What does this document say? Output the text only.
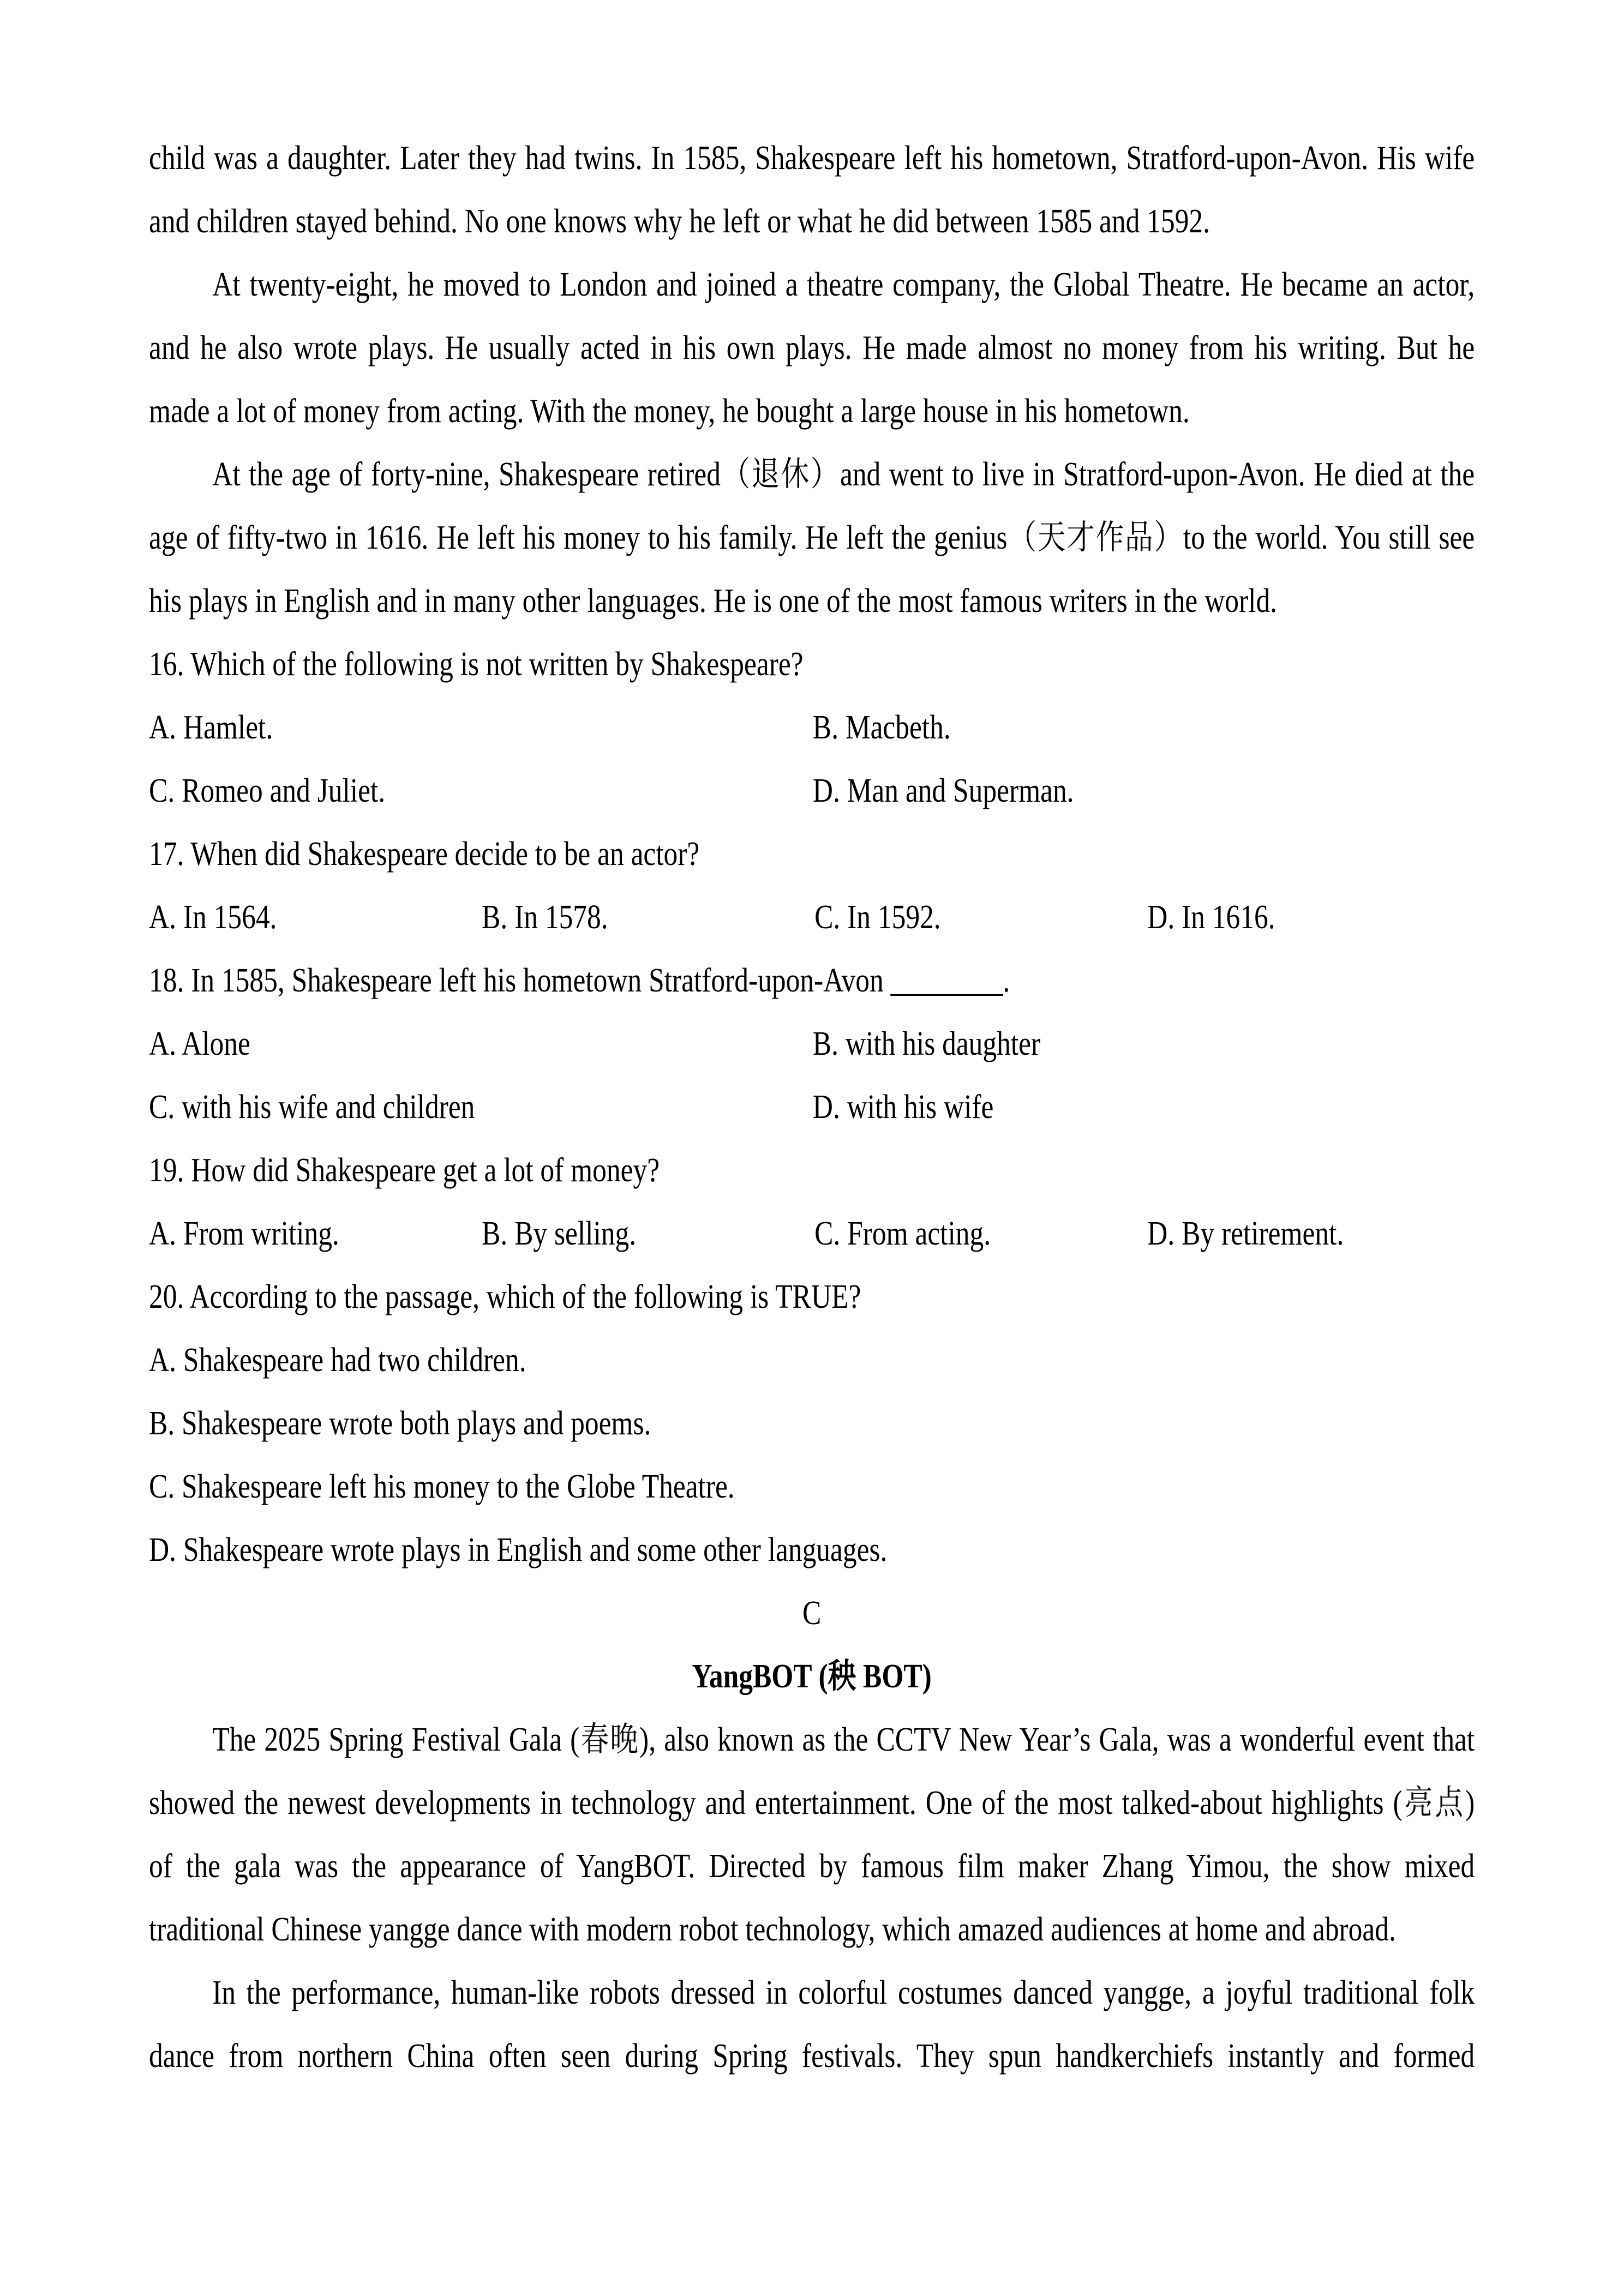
child was a daughter. Later they had twins. In 1585, Shakespeare left his hometown, Stratford-upon-Avon. His wife
and children stayed behind. No one knows why he left or what he did between 1585 and 1592.
At twenty-eight, he moved to London and joined a theatre company, the Global Theatre. He became an actor,
and he also wrote plays. He usually acted in his own plays. He made almost no money from his writing. But he
made a lot of money from acting. With the money, he bought a large house in his hometown.
At the age of forty-nine, Shakespeare retired（退休）and went to live in Stratford-upon-Avon. He died at the
age of fifty-two in 1616. He left his money to his family. He left the genius（天才作品）to the world. You still see
his plays in English and in many other languages. He is one of the most famous writers in the world.
16. Which of the following is not written by Shakespeare?
A. Hamlet.	B. Macbeth.
C. Romeo and Juliet.	D. Man and Superman.
17. When did Shakespeare decide to be an actor?
A. In 1564.	B. In 1578.	C. In 1592.	D. In 1616.
18. In 1585, Shakespeare left his hometown Stratford-upon-Avon ________.
A. Alone	B. with his daughter
C. with his wife and children	D. with his wife
19. How did Shakespeare get a lot of money?
A. From writing.	B. By selling.	C. From acting.	D. By retirement.
20. According to the passage, which of the following is TRUE?
A. Shakespeare had two children.
B. Shakespeare wrote both plays and poems.
C. Shakespeare left his money to the Globe Theatre.
D. Shakespeare wrote plays in English and some other languages.
C
YangBOT (秧 BOT)
The 2025 Spring Festival Gala (春晚), also known as the CCTV New Year’s Gala, was a wonderful event that
showed the newest developments in technology and entertainment. One of the most talked-about highlights (亮点)
of the gala was the appearance of YangBOT. Directed by famous film maker Zhang Yimou, the show mixed
traditional Chinese yangge dance with modern robot technology, which amazed audiences at home and abroad.
In the performance, human-like robots dressed in colorful costumes danced yangge, a joyful traditional folk
dance from northern China often seen during Spring festivals. They spun handkerchiefs instantly and formed
